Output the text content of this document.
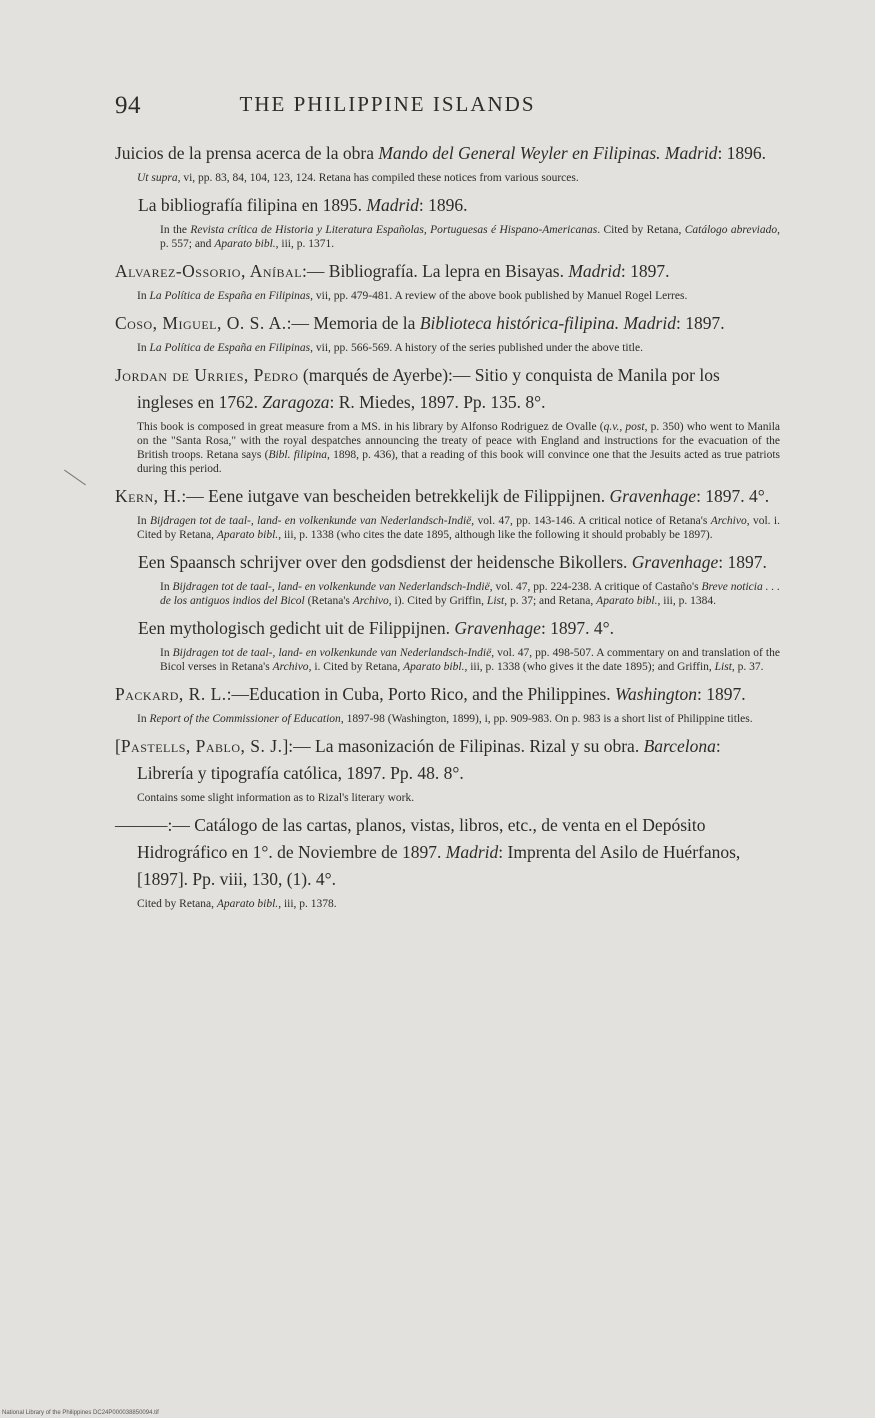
94	THE PHILIPPINE ISLANDS

Juicios de la prensa acerca de la obra Mando del General Weyler en Filipinas. Madrid: 1896.

Ut supra, vi, pp. 83, 84, 104, 123, 124. Retana has compiled these notices from various sources.

La bibliografía filipina en 1895. Madrid: 1896.

In the Revista crítica de Historia y Literatura Españolas, Portuguesas é Hispano-Americanas. Cited by Retana, Catálogo abreviado, p. 557; and Aparato bibl., iii, p. 1371.

Alvarez-Ossorio, Aníbal:— Bibliografía. La lepra en Bisayas. Madrid: 1897.

In La Política de España en Filipinas, vii, pp. 479-481. A review of the above book published by Manuel Rogel Lerres.

Coso, Miguel, O. S. A.:— Memoria de la Biblioteca histórica-filipina. Madrid: 1897.

In La Política de España en Filipinas, vii, pp. 566-569. A history of the series published under the above title.

Jordan de Urries, Pedro (marqués de Ayerbe):— Sitio y conquista de Manila por los ingleses en 1762. Zaragoza: R. Miedes, 1897. Pp. 135. 8°.

This book is composed in great measure from a MS. in his library by Alfonso Rodriguez de Ovalle (q.v., post, p. 350) who went to Manila on the "Santa Rosa," with the royal despatches announcing the treaty of peace with England and instructions for the evacuation of the British troops. Retana says (Bibl. filipina, 1898, p. 436), that a reading of this book will convince one that the Jesuits acted as true patriots during this period.

Kern, H.:— Eene iutgave van bescheiden betrekkelijk de Filippijnen. Gravenhage: 1897. 4°.

In Bijdragen tot de taal-, land- en volkenkunde van Nederlandsch-Indië, vol. 47, pp. 143-146. A critical notice of Retana's Archivo, vol. i. Cited by Retana, Aparato bibl., iii, p. 1338 (who cites the date 1895, although like the following it should probably be 1897).

Een Spaansch schrijver over den godsdienst der heidensche Bikollers. Gravenhage: 1897.

In Bijdragen tot de taal-, land- en volkenkunde van Nederlandsch-Indië, vol. 47, pp. 224-238. A critique of Castaño's Breve noticia . . . de los antiguos indios del Bicol (Retana's Archivo, i). Cited by Griffin, List, p. 37; and Retana, Aparato bibl., iii, p. 1384.

Een mythologisch gedicht uit de Filippijnen. Gravenhage: 1897. 4°.

In Bijdragen tot de taal-, land- en volkenkunde van Nederlandsch-Indië, vol. 47, pp. 498-507. A commentary on and translation of the Bicol verses in Retana's Archivo, i. Cited by Retana, Aparato bibl., iii, p. 1338 (who gives it the date 1895); and Griffin, List, p. 37.

Packard, R. L.:—Education in Cuba, Porto Rico, and the Philippines. Washington: 1897.

In Report of the Commissioner of Education, 1897-98 (Washington, 1899), i, pp. 909-983. On p. 983 is a short list of Philippine titles.

[Pastells, Pablo, S. J.]:— La masonización de Filipinas. Rizal y su obra. Barcelona: Librería y tipografía católica, 1897. Pp. 48. 8°.

Contains some slight information as to Rizal's literary work.

———:— Catálogo de las cartas, planos, vistas, libros, etc., de venta en el Depósito Hidrográfico en 1°. de Noviembre de 1897. Madrid: Imprenta del Asilo de Huérfanos, [1897]. Pp. viii, 130, (1). 4°.

Cited by Retana, Aparato bibl., iii, p. 1378.

National Library of the Philippines DC24P000038850094.tif
